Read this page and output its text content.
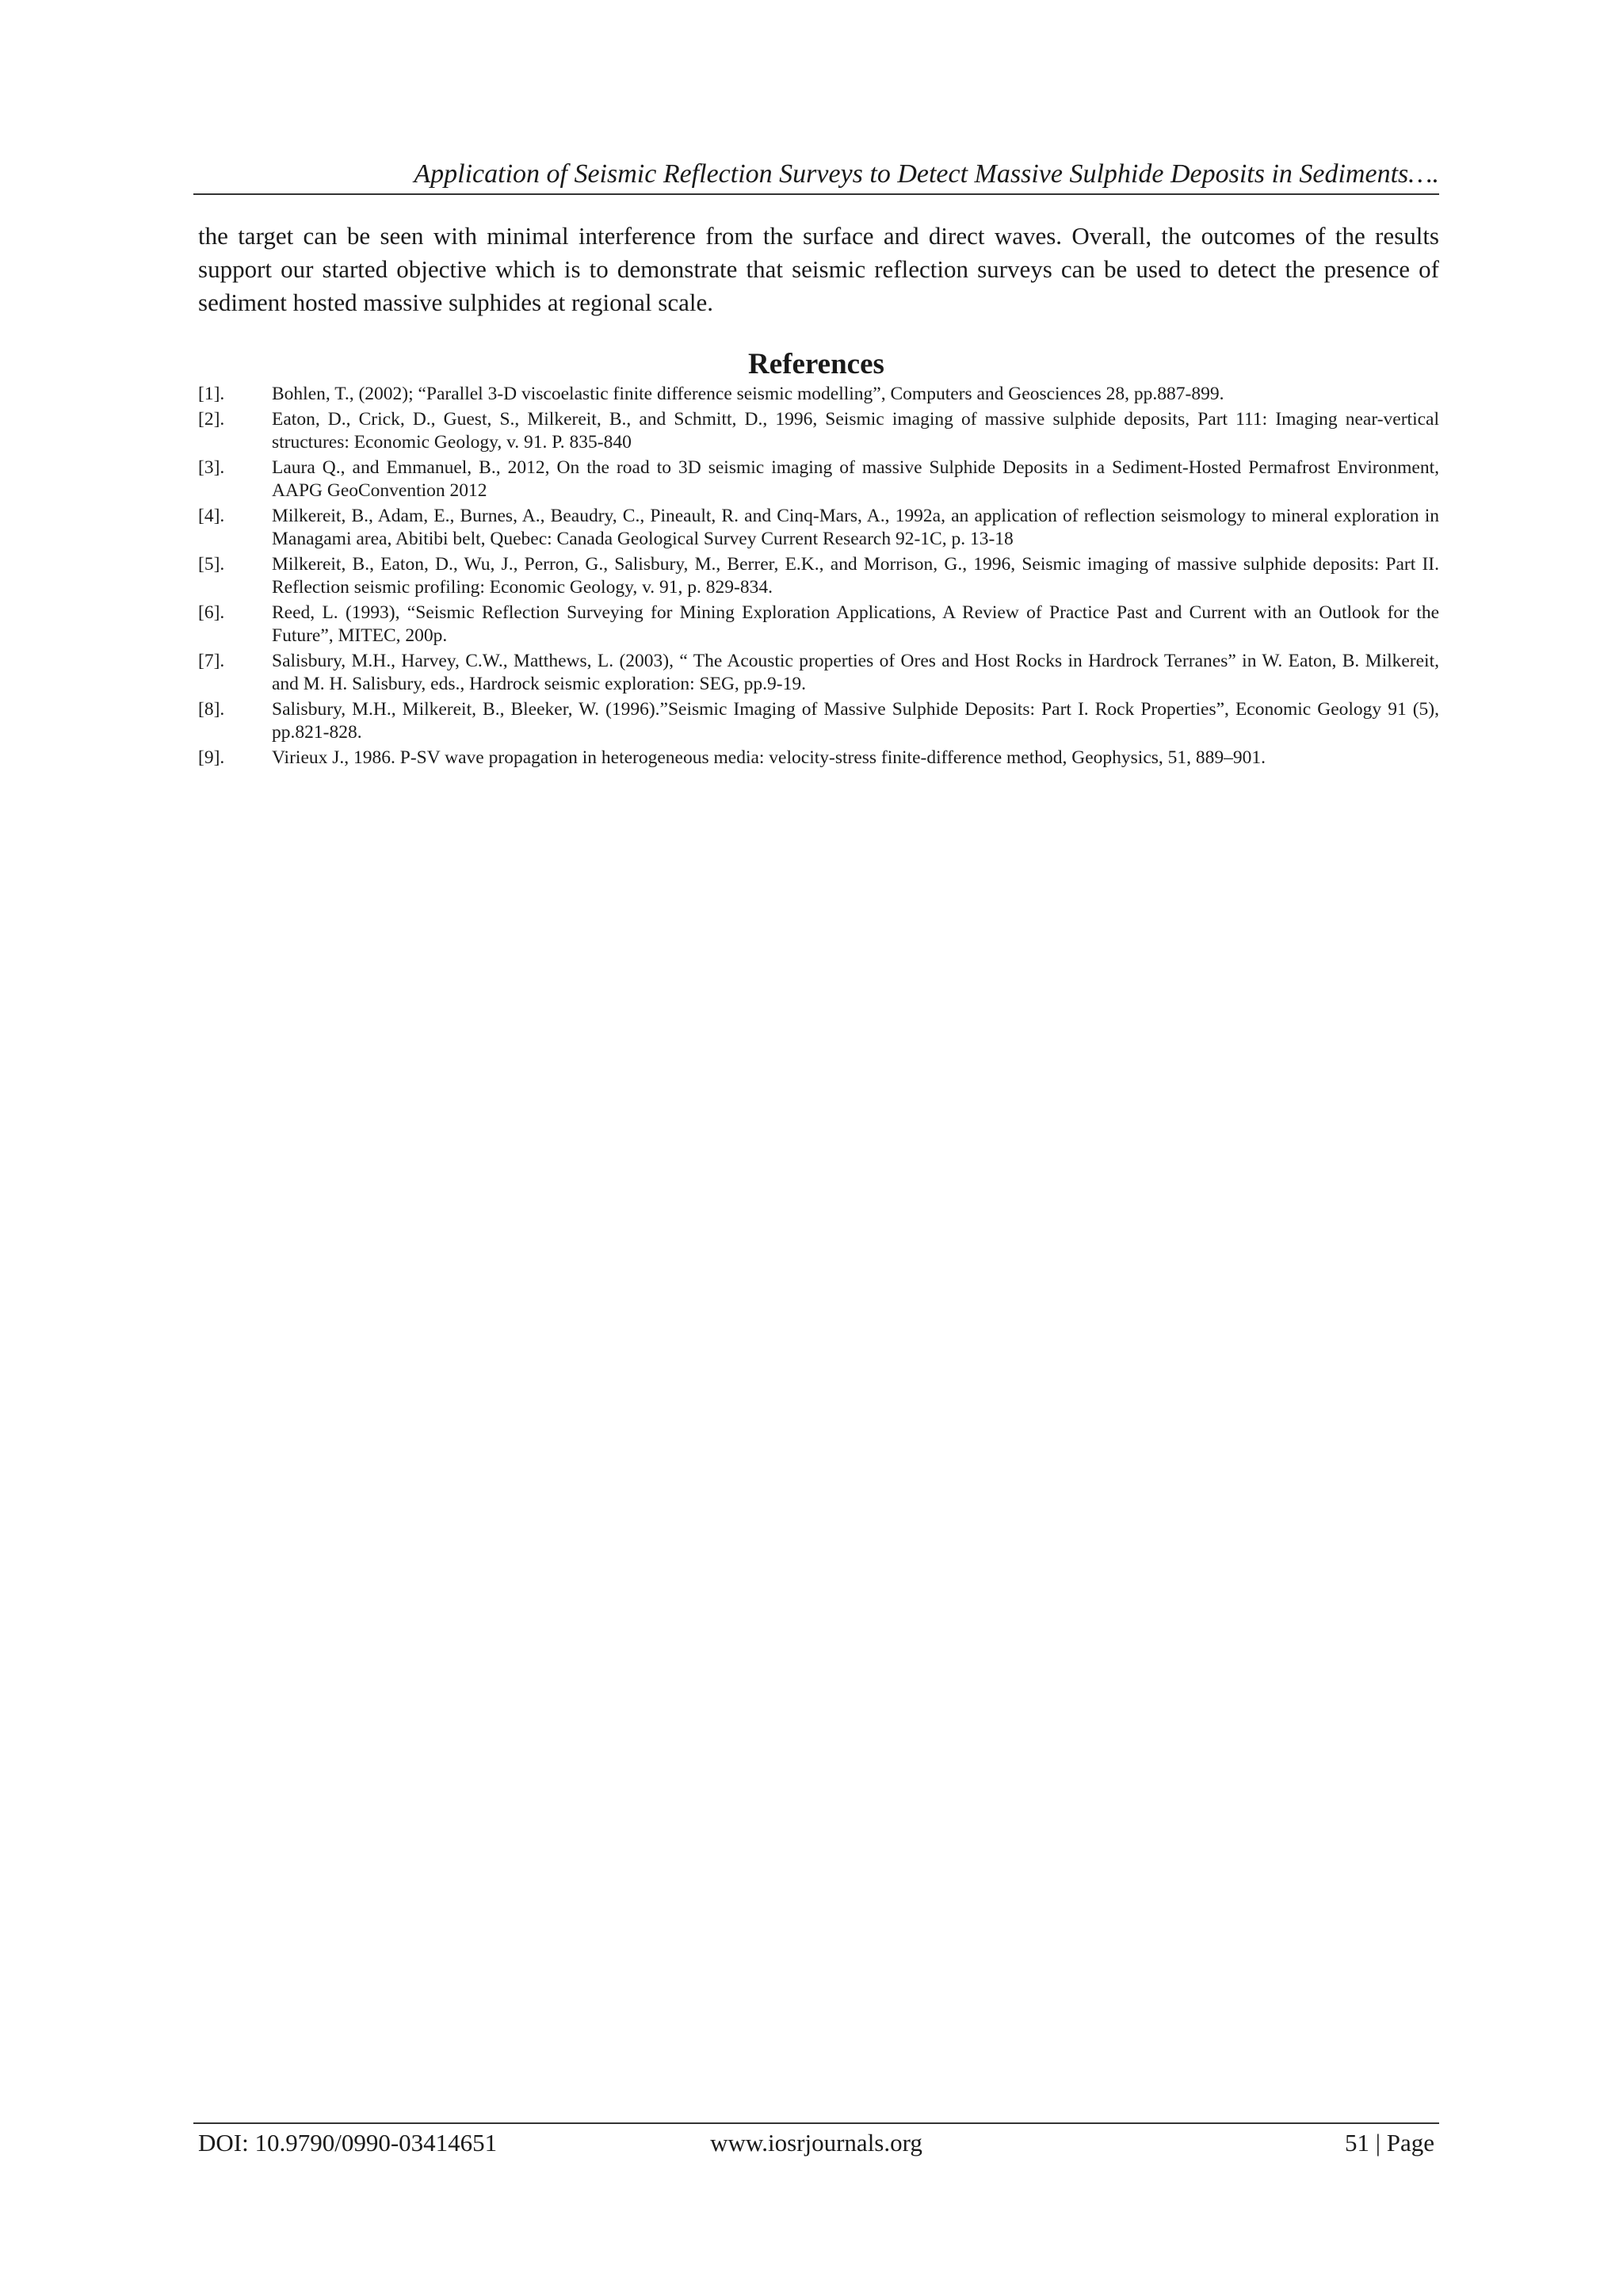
Application of Seismic Reflection Surveys to Detect Massive Sulphide Deposits in Sediments….

the target can be seen with minimal interference from the surface and direct waves. Overall, the outcomes of the results support our started objective which is to demonstrate that seismic reflection surveys can be used to detect the presence of sediment hosted massive sulphides at regional scale.

References
[1].	Bohlen, T., (2002); “Parallel 3-D viscoelastic finite difference seismic modelling”, Computers and Geosciences 28, pp.887-899.
[2].	Eaton, D., Crick, D., Guest, S., Milkereit, B., and Schmitt, D., 1996, Seismic imaging of massive sulphide deposits, Part 111: Imaging near-vertical structures: Economic Geology, v. 91. P. 835-840
[3].	Laura Q., and Emmanuel, B., 2012, On the road to 3D seismic imaging of massive Sulphide Deposits in a Sediment-Hosted Permafrost Environment, AAPG GeoConvention 2012
[4].	Milkereit, B., Adam, E., Burnes, A., Beaudry, C., Pineault, R. and Cinq-Mars, A., 1992a, an application of reflection seismology to mineral exploration in Managami area, Abitibi belt, Quebec: Canada Geological Survey Current Research 92-1C, p. 13-18
[5].	Milkereit, B., Eaton, D., Wu, J., Perron, G., Salisbury, M., Berrer, E.K., and Morrison, G., 1996, Seismic imaging of massive sulphide deposits: Part II. Reflection seismic profiling: Economic Geology, v. 91, p. 829-834.
[6].	Reed, L. (1993), “Seismic Reflection Surveying for Mining Exploration Applications, A Review of Practice Past and Current with an Outlook for the Future”, MITEC, 200p.
[7].	Salisbury, M.H., Harvey, C.W., Matthews, L. (2003), “ The Acoustic properties of Ores and Host Rocks in Hardrock Terranes” in W. Eaton, B. Milkereit, and M. H. Salisbury, eds., Hardrock seismic exploration: SEG, pp.9-19.
[8].	Salisbury, M.H., Milkereit, B., Bleeker, W. (1996).”Seismic Imaging of Massive Sulphide Deposits: Part I. Rock Properties”, Economic Geology 91 (5), pp.821-828.
[9].	Virieux J., 1986. P-SV wave propagation in heterogeneous media: velocity-stress finite-difference method, Geophysics, 51, 889–901.
DOI: 10.9790/0990-03414651	www.iosrjournals.org	51 | Page
